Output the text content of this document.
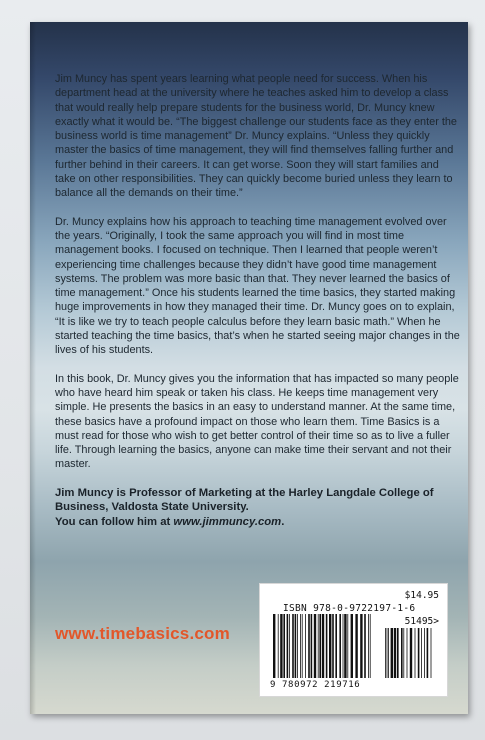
Jim Muncy has spent years learning what people need for success. When his department head at the university where he teaches asked him to develop a class that would really help prepare students for the business world, Dr. Muncy knew exactly what it would be. “The biggest challenge our students face as they enter the business world is time management” Dr. Muncy explains. “Unless they quickly master the basics of time management, they will find themselves falling further and further behind in their careers. It can get worse. Soon they will start families and take on other responsibilities. They can quickly become buried unless they learn to balance all the demands on their time.”

Dr. Muncy explains how his approach to teaching time management evolved over the years. “Originally, I took the same approach you will find in most time management books. I focused on technique. Then I learned that people weren’t experiencing time challenges because they didn’t have good time management systems. The problem was more basic than that. They never learned the basics of time management.” Once his students learned the time basics, they started making huge improvements in how they managed their time. Dr. Muncy goes on to explain, “It is like we try to teach people calculus before they learn basic math.” When he started teaching the time basics, that’s when he started seeing major changes in the lives of his students.

In this book, Dr. Muncy gives you the information that has impacted so many people who have heard him speak or taken his class. He keeps time management very simple. He presents the basics in an easy to understand manner. At the same time, these basics have a profound impact on those who learn them. Time Basics is a must read for those who wish to get better control of their time so as to live a fuller life. Through learning the basics, anyone can make time their servant and not their master.

Jim Muncy is Professor of Marketing at the Harley Langdale College of Business, Valdosta State University.
You can follow him at www.jimmuncy.com.

www.timebasics.com
$14.95
ISBN 978-0-9722197-1-6
51495>
9 780972 219716
